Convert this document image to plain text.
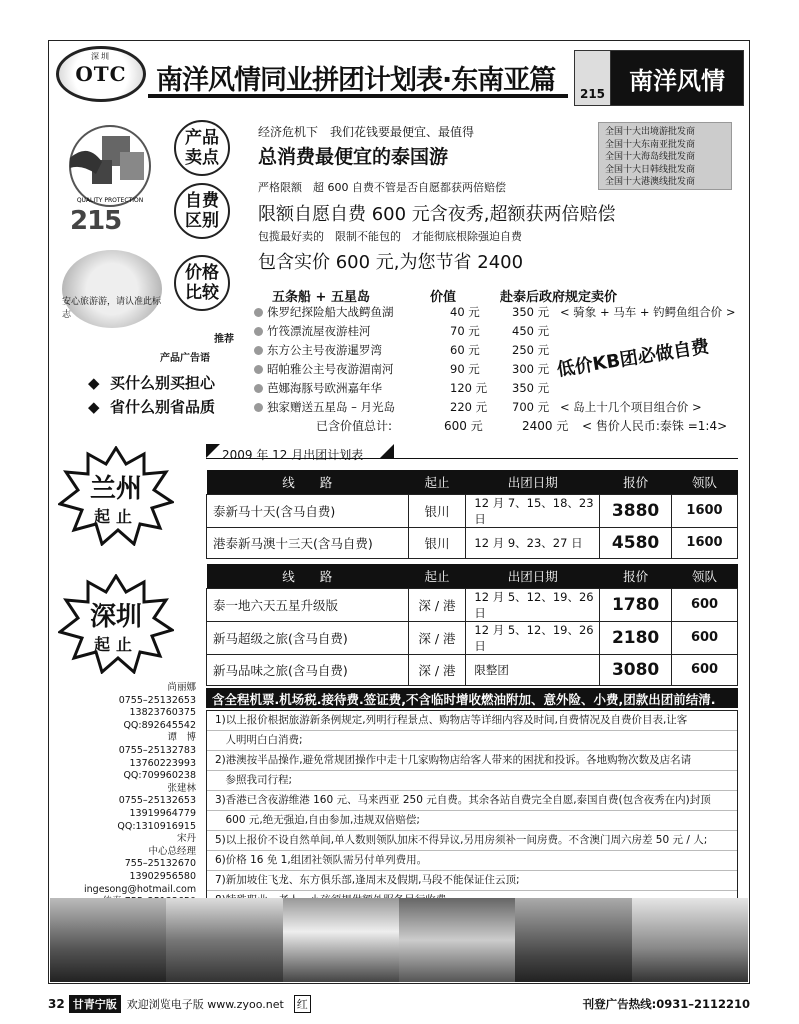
深圳
OTC 南洋风情同业拼团计划表·东南亚篇	215 南洋风情
QUALITY PROTECTION
215
安心旅游游，请认准此标志
产品卖点
自费区别
价格比较
经济危机下　我们花钱要最便宜、最值得
总消费最便宜的泰国游
严格限额　超 600 自费不管是否自愿都获两倍赔偿
限额自愿自费 600 元含夜秀,超额获两倍赔偿
包揽最好卖的　限制不能包的　才能彻底根除强迫自费
包含实价 600 元,为您节省 2400
全国十大出境游批发商
全国十大东南亚批发商
全国十大海岛线批发商
全国十大日韩线批发商
全国十大港澳线批发商
五条船 + 五星岛	价值	赴泰后政府规定卖价
侏罗纪探险船大战鳄鱼湖	40 元	350 元 < 骑象 + 马车 + 钓鳄鱼组合价 >
竹筏漂流屋夜游桂河	70 元	450 元
东方公主号夜游暹罗湾	60 元	250 元
昭帕雅公主号夜游湄南河	90 元	300 元
芭娜海豚号欧洲嘉年华	120 元 350 元
独家赠送五星岛 – 月光岛	220 元 700 元 < 岛上十几个项目组合价 >
低价KB团必做自费
推荐
产品广告语
◆  买什么别买担心
◆  省什么别省品质
已含价值总计:	600 元	2400 元 < 售价人民币:泰铢 =1:4>
兰州
起止
深圳
起止
2009 年 12 月出团计划表
线　　路	起止	出团日期	报价	领队
泰新马十天(含马自费)	银川	12 月 7、15、18、23 日	3880	1600
港泰新马澳十三天(含马自费)	银川	12 月 9、23、27 日	4580	1600
线　　路	起止	出团日期	报价	领队
泰一地六天五星升级版	深 / 港	12 月 5、12、19、26 日	1780	600
新马超级之旅(含马自费)	深 / 港	12 月 5、12、19、26 日	2180	600
新马品味之旅(含马自费)	深 / 港	限整团	3080	600
尚丽娜
0755–25132653
13823760375
QQ:892645542
谭　博
0755–25132783
13760223993
QQ:709960238
张建林
0755–25132653
13919964779
QQ:1310916915
宋丹
中心总经理
755–25132670
13902956580
ingesong@hotmail.com
含全程机票.机场税.接待费.签证费,不含临时增收燃油附加、意外险、小费,团款出团前结清.
1)以上报价根据旅游新条例规定,列明行程景点、购物店等详细内容及时间,自费情况及自费价目表,让客
　人明明白白消费;
2)港澳按半品操作,避免常规团操作中走十几家购物店给客人带来的困扰和投诉。各地购物次数及店名请
　参照我司行程;
3)香港已含夜游维港 160 元、马来西亚 250 元自费。其余各站自费完全自愿,泰国自费(包含夜秀在内)封顶
　600 元,绝无强迫,自由参加,违规双倍赔偿;
5)以上报价不设自然单间,单人数则领队加床不得异议,另用房须补一间房费。不含澳门周六房差 50 元 / 人;
6)价格 16 免 1,组团社领队需另付单列费用。
7)新加坡住飞龙、东方俱乐部,逢周末及假期,马段不能保证住云顶;
32 甘青宁版 欢迎浏览电子版 www.zyoo.net 红	刊登广告热线:0931–2112210
